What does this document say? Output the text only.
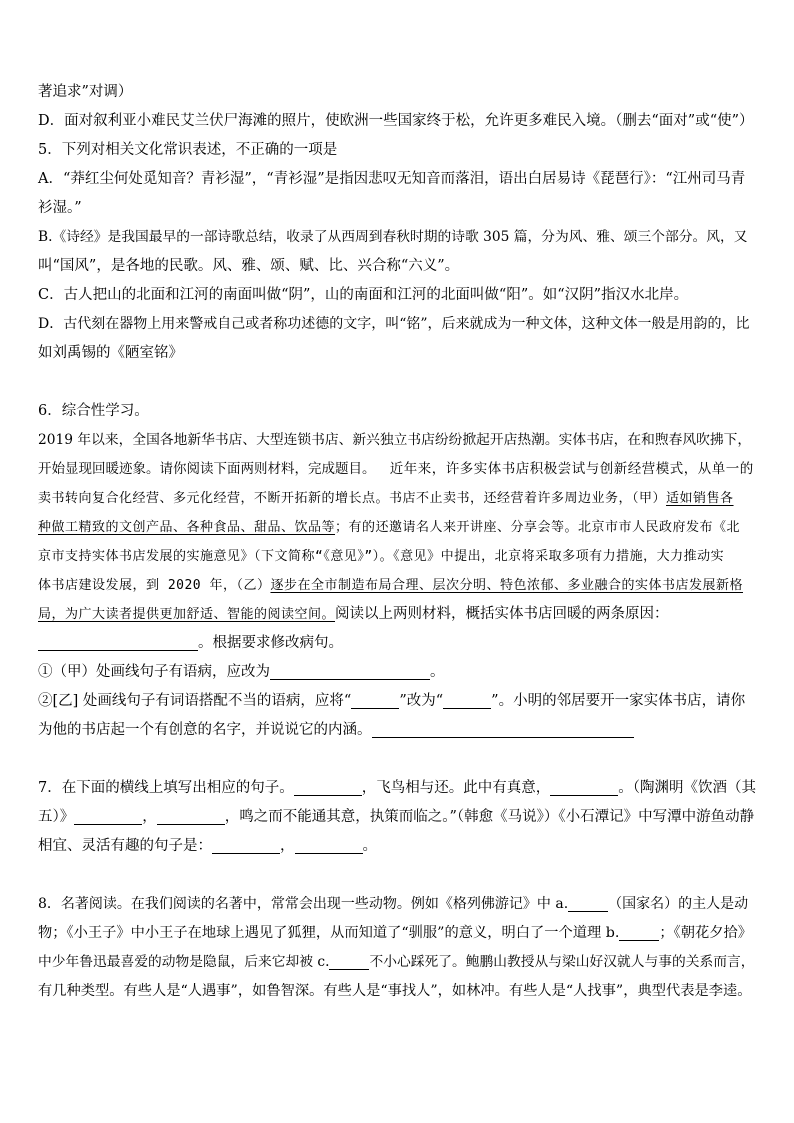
著追求”对调）

D．面对叙利亚小难民艾兰伏尸海滩的照片，使欧洲一些国家终于松，允许更多难民入境。（删去“面对”或“使”）

5．下列对相关文化常识表述，不正确的一项是

A．“莽红尘何处觅知音？青衫湿”，“青衫湿”是指因悲叹无知音而落泪，语出白居易诗《琵琶行》：“江州司马青

衫湿。”

B.《诗经》是我国最早的一部诗歌总结，收录了从西周到春秋时期的诗歌 305 篇，分为风、雅、颂三个部分。风，又

叫“国风”，是各地的民歌。风、雅、颂、赋、比、兴合称“六义”。

C．古人把山的北面和江河的南面叫做“阴”，山的南面和江河的北面叫做“阳”。如“汉阴”指汉水北岸。

D．古代刻在器物上用来警戒自己或者称功述德的文字，叫“铭”，后来就成为一种文体，这种文体一般是用韵的，比

如刘禹锡的《陋室铭》

6．综合性学习。

2019 年以来，全国各地新华书店、大型连锁书店、新兴独立书店纷纷掀起开店热潮。实体书店，在和煦春风吹拂下，

开始显现回暖迹象。请你阅读下面两则材料，完成题目。 近年来，许多实体书店积极尝试与创新经营模式，从单一的

卖书转向复合化经营、多元化经营，不断开拓新的增长点。书店不止卖书，还经营着许多周边业务，（甲）适如销售各

种做工精致的文创产品、各种食品、甜品、饮品等；有的还邀请名人来开讲座、分享会等。北京市市人民政府发布《北

京市支持实体书店发展的实施意见》（下文简称“《意见》”）。《意见》中提出，北京将采取多项有力措施，大力推动实

体书店建设发展，到 2020 年，（乙）逐步在全市制造布局合理、层次分明、特色浓郁、多业融合的实体书店发展新格

局，为广大读者提供更加舒适、智能的阅读空间。阅读以上两则材料，概括实体书店回暖的两条原因：

。根据要求修改病句。

①（甲）处画线句子有语病，应改为	。

②[乙] 处画线句子有词语搭配不当的语病，应将“	”改为“	”。小明的邻居要开一家实体书店，请你

为他的书店起一个有创意的名字，并说说它的内涵。

7．在下面的横线上填写出相应的句子。	，飞鸟相与还。此中有真意，	。（陶渊明《饮酒（其

五）》	，	，鸣之而不能通其意，执策而临之。”（韩愈《马说》）《小石潭记》中写潭中游鱼动静

相宜、灵活有趣的句子是：	，	。

8．名著阅读。在我们阅读的名著中，常常会出现一些动物。例如《格列佛游记》中 a.	（国家名）的主人是动

物；《小王子》中小王子在地球上遇见了狐狸，从而知道了“驯服”的意义，明白了一个道理 b.	；《朝花夕拾》

中少年鲁迅最喜爱的动物是隐鼠，后来它却被 c.	不小心踩死了。鲍鹏山教授从与梁山好汉就人与事的关系而言，

有几种类型。有些人是“人遇事”，如鲁智深。有些人是“事找人”，如林冲。有些人是“人找事”，典型代表是李逵。
